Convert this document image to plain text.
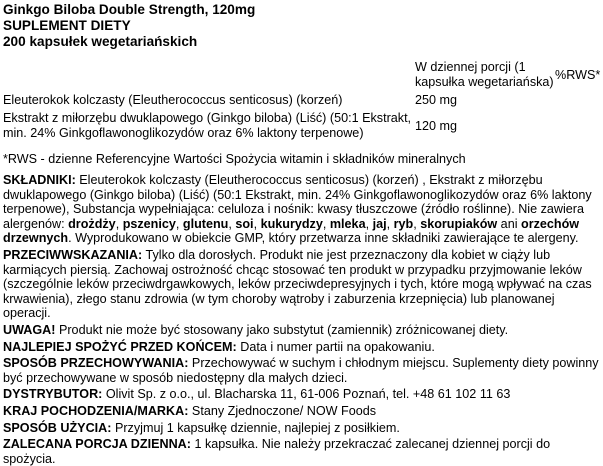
Ginkgo Biloba Double Strength, 120mg
SUPLEMENT DIETY
200 kapsułek wegetariańskich
W dziennej porcji (1 kapsułka wegetariańska)
%RWS*
Eleuterokok kolczasty (Eleutherococcus senticosus) (korzeń)	250 mg
Ekstrakt z miłorzębu dwuklapowego (Ginkgo biloba) (Liść) (50:1 Ekstrakt, min. 24% Ginkgoflawonoglikozydów oraz 6% laktony terpenowe)
120 mg

*RWS - dzienne Referencyjne Wartości Spożycia witamin i składników mineralnych

SKŁADNIKI: Eleuterokok kolczasty (Eleutherococcus senticosus) (korzeń) , Ekstrakt z miłorzębu dwuklapowego (Ginkgo biloba) (Liść) (50:1 Ekstrakt, min. 24% Ginkgoflawonoglikozydów oraz 6% laktony terpenowe), Substancja wypełniająca: celuloza i nośnik: kwasy tłuszczowe (źródło roślinne). Nie zawiera alergenów: drożdży, pszenicy, glutenu, soi, kukurydzy, mleka, jaj, ryb, skorupiaków ani orzechów drzewnych. Wyprodukowano w obiekcie GMP, który przetwarza inne składniki zawierające te alergeny.

PRZECIWWSKAZANIA: Tylko dla dorosłych. Produkt nie jest przeznaczony dla kobiet w ciąży lub karmiących piersią. Zachowaj ostrożność chcąc stosować ten produkt w przypadku przyjmowanie leków (szczególnie leków przeciwdrgawkowych, leków przeciwdepresyjnych i tych, które mogą wpływać na czas krwawienia), złego stanu zdrowia (w tym choroby wątroby i zaburzenia krzepnięcia) lub planowanej operacji.

UWAGA! Produkt nie może być stosowany jako substytut (zamiennik) zróżnicowanej diety.

NAJLEPIEJ SPOŻYĆ PRZED KOŃCEM: Data i numer partii na opakowaniu.

SPOSÓB PRZECHOWYWANIA: Przechowywać w suchym i chłodnym miejscu. Suplementy diety powinny być przechowywane w sposób niedostępny dla małych dzieci.

DYSTRYBUTOR: Olivit Sp. z o.o., ul. Blacharska 11, 61-006 Poznań, tel. +48 61 102 11 63

KRAJ POCHODZENIA/MARKA: Stany Zjednoczone/ NOW Foods

SPOSÓB UŻYCIA: Przyjmuj 1 kapsułkę dziennie, najlepiej z posiłkiem.

ZALECANA PORCJA DZIENNA: 1 kapsułka. Nie należy przekraczać zalecanej dziennej porcji do spożycia.
